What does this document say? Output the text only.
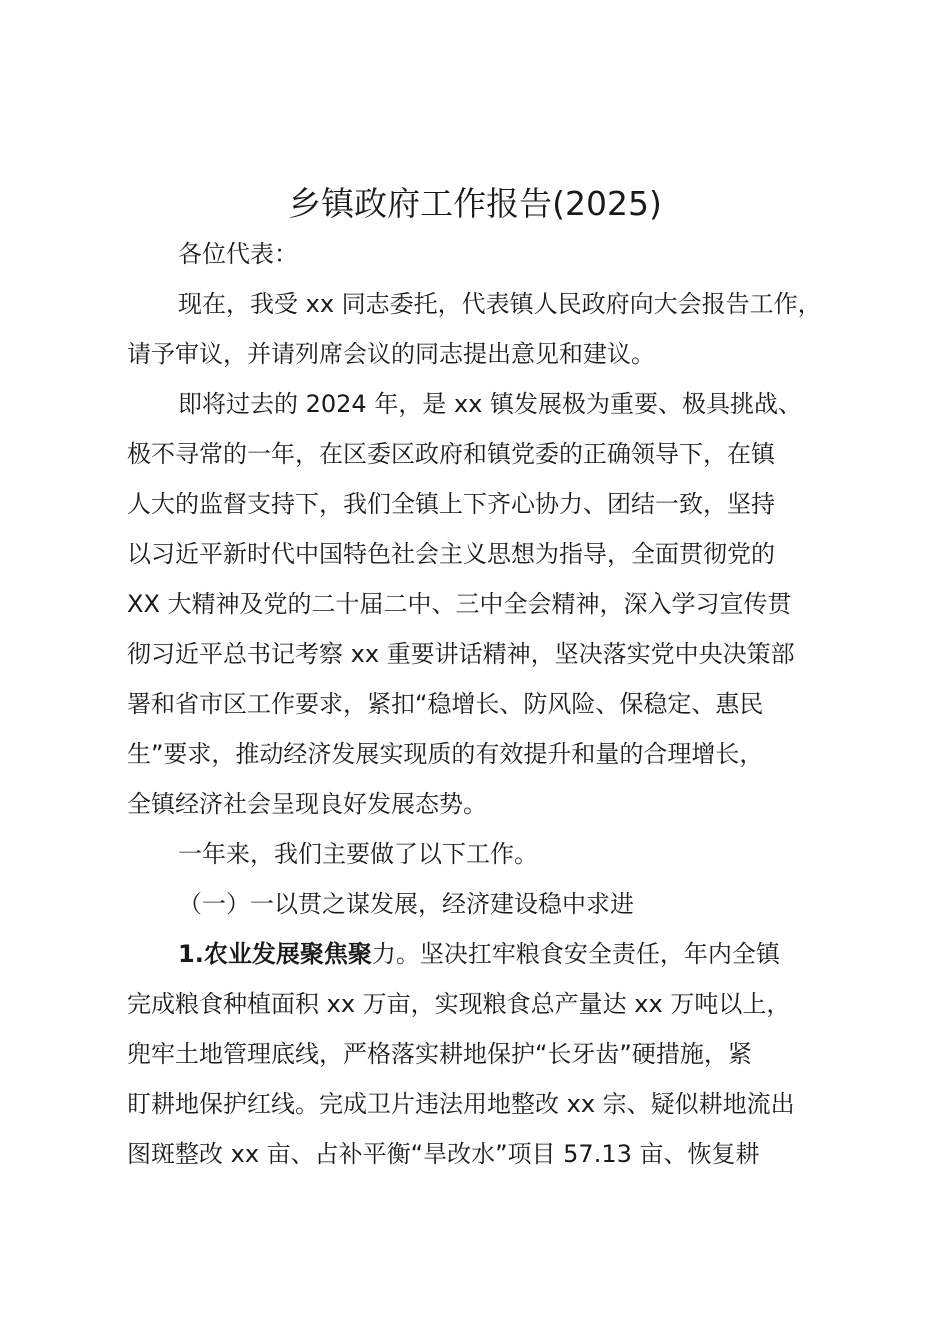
乡镇政府工作报告(2025)

各位代表：

现在，我受 xx 同志委托，代表镇人民政府向大会报告工作，

请予审议，并请列席会议的同志提出意见和建议。

即将过去的 2024 年，是 xx 镇发展极为重要、极具挑战、

极不寻常的一年，在区委区政府和镇党委的正确领导下，在镇

人大的监督支持下，我们全镇上下齐心协力、团结一致，坚持

以习近平新时代中国特色社会主义思想为指导，全面贯彻党的

XX 大精神及党的二十届二中、三中全会精神，深入学习宣传贯

彻习近平总书记考察 xx 重要讲话精神，坚决落实党中央决策部

署和省市区工作要求，紧扣“稳增长、防风险、保稳定、惠民

生”要求，推动经济发展实现质的有效提升和量的合理增长，

全镇经济社会呈现良好发展态势。

一年来，我们主要做了以下工作。

（一）一以贯之谋发展，经济建设稳中求进

1.农业发展聚焦聚力。坚决扛牢粮食安全责任，年内全镇

完成粮食种植面积 xx 万亩，实现粮食总产量达 xx 万吨以上，

兜牢土地管理底线，严格落实耕地保护“长牙齿”硬措施，紧

盯耕地保护红线。完成卫片违法用地整改 xx 宗、疑似耕地流出

图斑整改 xx 亩、占补平衡“旱改水”项目 57.13 亩、恢复耕
